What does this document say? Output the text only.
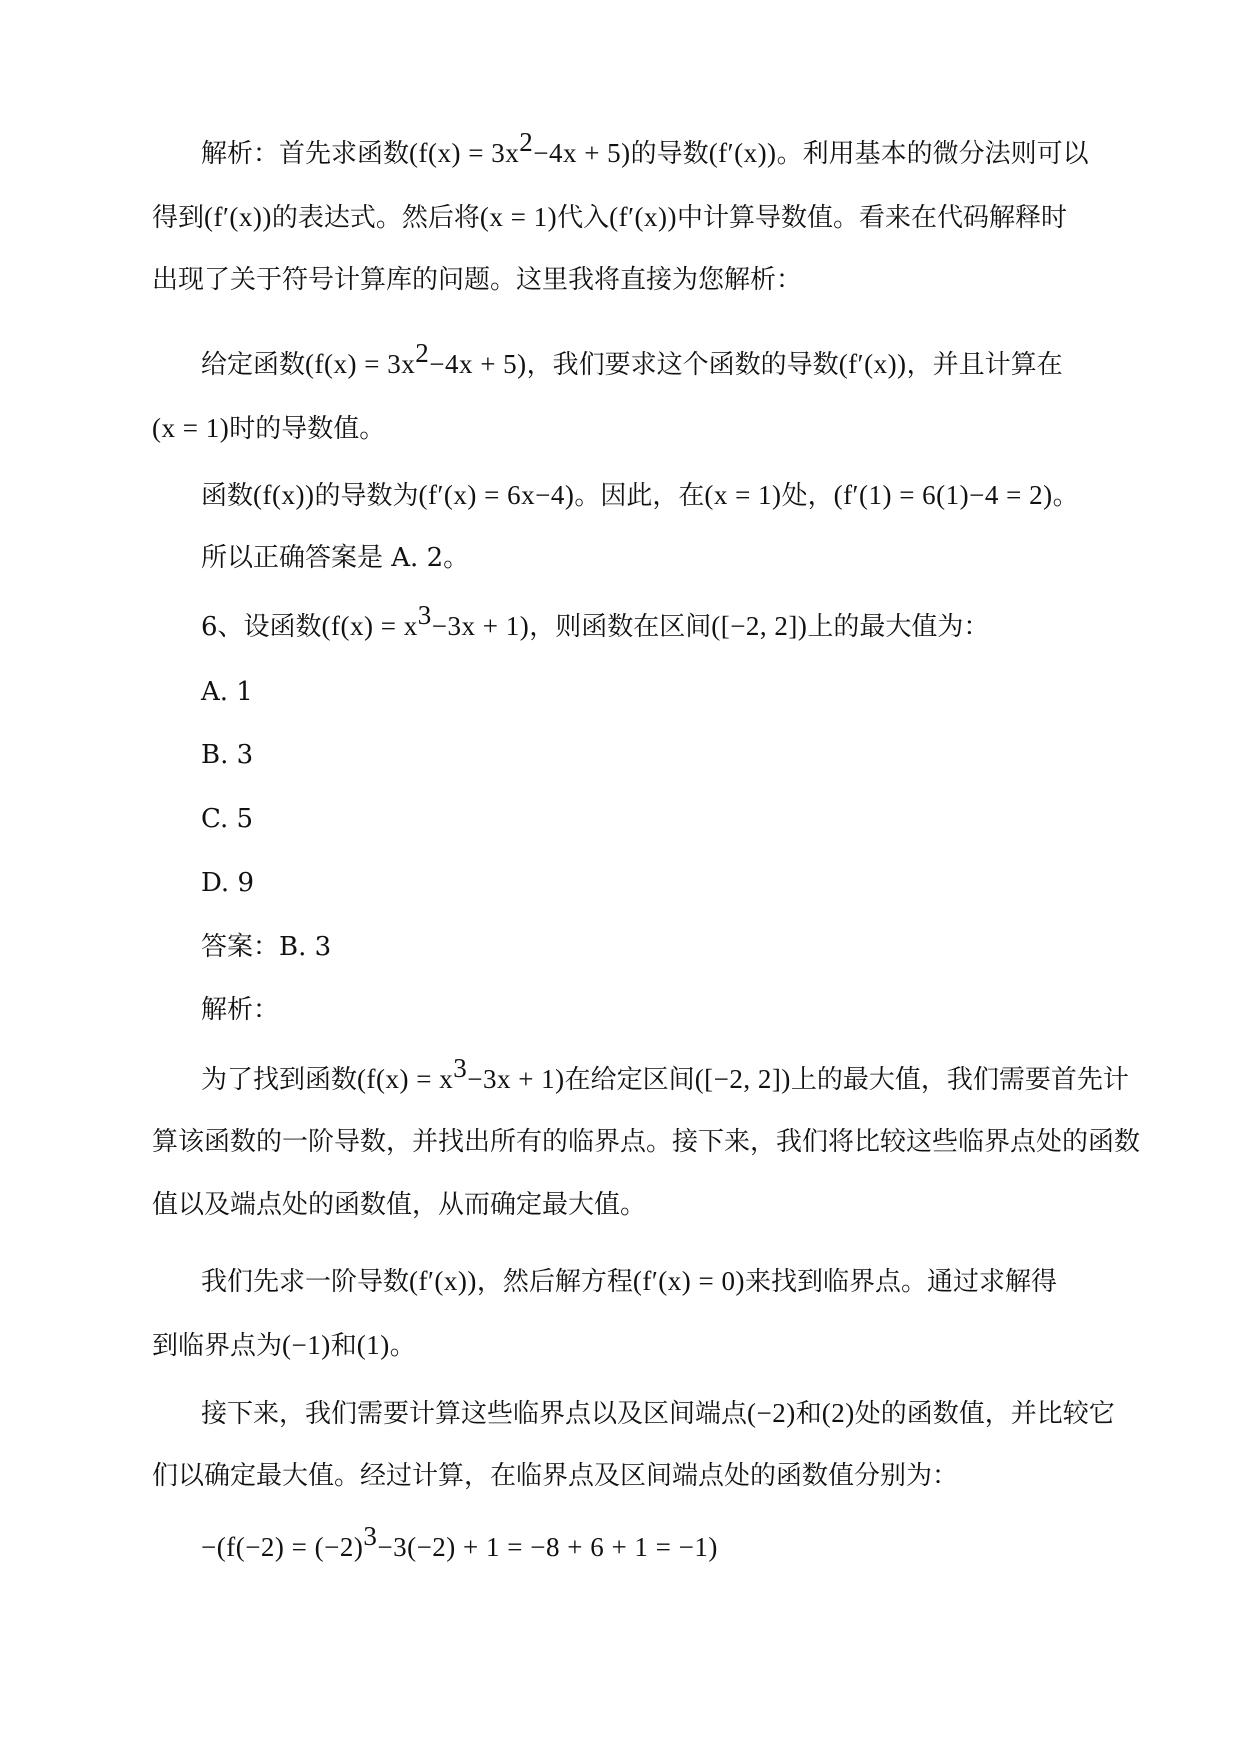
解析：首先求函数$(f(x) = 3x^2-4x + 5)$的导数(f′(x))。利用基本的微分法则可以
得到(f′(x))的表达式。然后将(x = 1)代入(f′(x))中计算导数值。看来在代码解释时
出现了关于符号计算库的问题。这里我将直接为您解析：
给定函数$(f(x) = 3x^2-4x + 5)$，我们要求这个函数的导数(f′(x))，并且计算在
(x = 1)时的导数值。
函数(f(x))的导数为(f′(x) = 6x−4)。因此，在(x = 1)处，(f′(1) = 6(1)−4 = 2)。
所以正确答案是 A. 2。
6、设函数$(f(x) = x^3-3x + 1)$，则函数在区间([−2, 2])上的最大值为：
A. 1
B. 3
C. 5
D. 9
答案：B. 3
解析：
为了找到函数$(f(x) = x^3-3x + 1)$在给定区间([−2, 2])上的最大值，我们需要首先计
算该函数的一阶导数，并找出所有的临界点。接下来，我们将比较这些临界点处的函数
值以及端点处的函数值，从而确定最大值。
我们先求一阶导数(f′(x))，然后解方程(f′(x) = 0)来找到临界点。通过求解得
到临界点为(−1)和(1)。
接下来，我们需要计算这些临界点以及区间端点(−2)和(2)处的函数值，并比较它
们以确定最大值。经过计算，在临界点及区间端点处的函数值分别为：
$-(f(-2) = (-2)^3-3(-2) + 1 = -8 + 6 + 1 = -1)$
